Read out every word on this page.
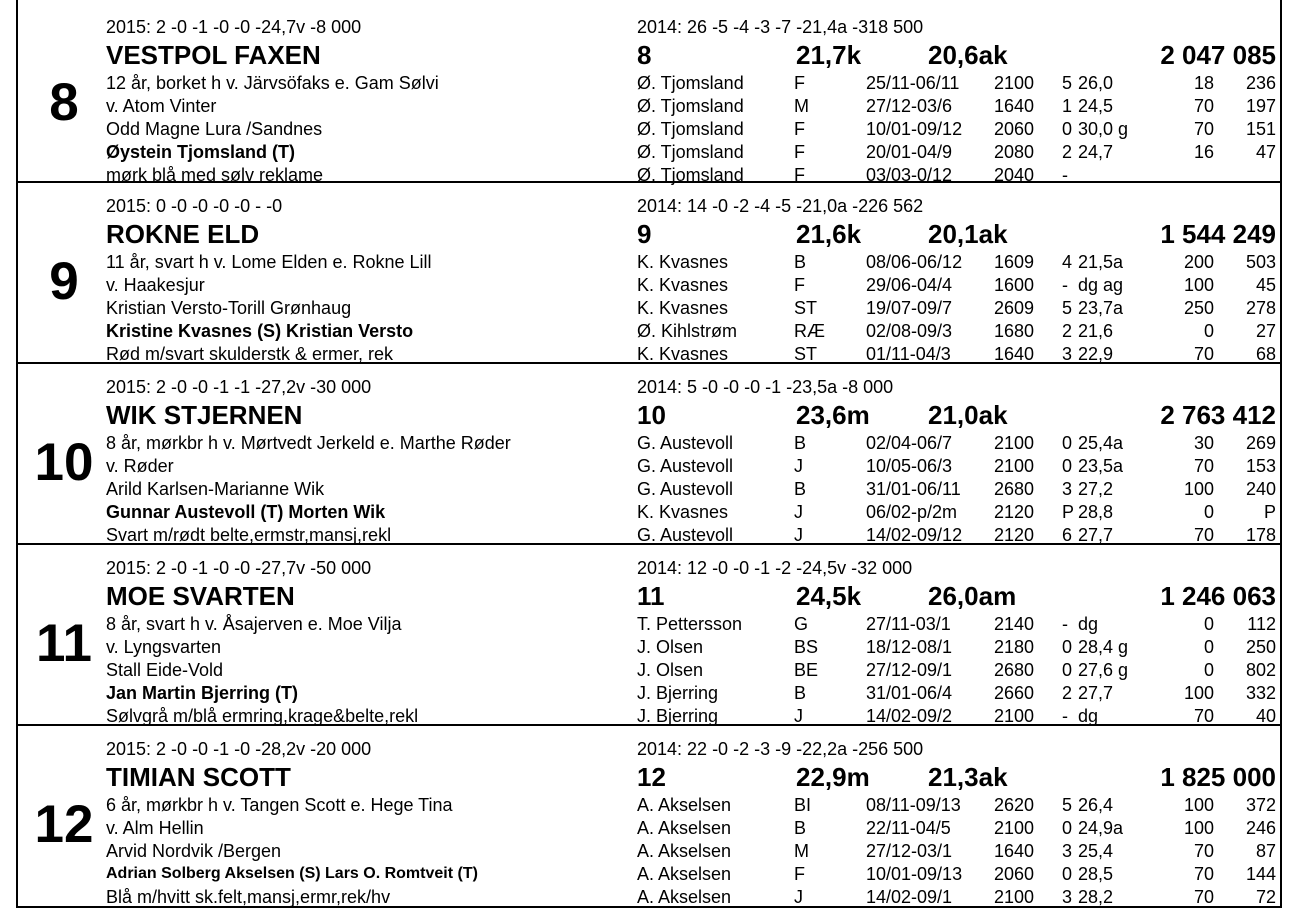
8
2015: 2 -0 -1 -0 -0 -24,7v -8 000	2014: 26 -5 -4 -3 -7 -21,4a -318 500
VESTPOL FAXEN	8	21,7k	20,6ak	2 047 085
12 år, borket h v. Järvsöfaks e. Gam Sølvi
v. Atom Vinter
Odd Magne Lura /Sandnes
Øystein Tjomsland (T)
mørk blå med sølv reklame
Ø. Tjomsland	F	25/11-06/11 2100 5 26,0	18 236
Ø. Tjomsland	M	27/12-03/6 1640 1 24,5	70 197
Ø. Tjomsland	F	10/01-09/12 2060 0 30,0 g	70 151
Ø. Tjomsland	F	20/01-04/9 2080 2 24,7	16 47
Ø. Tjomsland	F	03/03-0/12 2040 -
9
2015: 0 -0 -0 -0 -0 - -0	2014: 14 -0 -2 -4 -5 -21,0a -226 562
ROKNE ELD	9	21,6k	20,1ak	1 544 249
11 år, svart h v. Lome Elden e. Rokne Lill
v. Haakesjur
Kristian Versto-Torill Grønhaug
Kristine Kvasnes (S) Kristian Versto
Rød m/svart skulderstk & ermer, rek
K. Kvasnes	B	08/06-06/12 1609 4 21,5a	200 503
K. Kvasnes	F	29/06-04/4 1600 - dg ag	100 45
K. Kvasnes	ST	19/07-09/7 2609 5 23,7a	250 278
Ø. Kihlstrøm	RÆ 02/08-09/3 1680 2 21,6	0 27
K. Kvasnes	ST	01/11-04/3 1640 3 22,9	70 68
10
2015: 2 -0 -0 -1 -1 -27,2v -30 000	2014: 5 -0 -0 -0 -1 -23,5a -8 000
WIK STJERNEN	10	23,6m 21,0ak	2 763 412
8 år, mørkbr h v. Mørtvedt Jerkeld e. Marthe Røder
v. Røder
Arild Karlsen-Marianne Wik
Gunnar Austevoll (T) Morten Wik
Svart m/rødt belte,ermstr,mansj,rekl
G. Austevoll	B	02/04-06/7 2100 0 25,4a	30 269
G. Austevoll	J	10/05-06/3 2100 0 23,5a	70 153
G. Austevoll	B	31/01-06/11 2680 3 27,2	100 240
K. Kvasnes	J	06/02-p/2m 2120 P 28,8	0	P
G. Austevoll	J	14/02-09/12 2120 6 27,7	70 178
11
2015: 2 -0 -1 -0 -0 -27,7v -50 000	2014: 12 -0 -0 -1 -2 -24,5v -32 000
MOE SVARTEN	11	24,5k	26,0am	1 246 063
8 år, svart h v. Åsajerven e. Moe Vilja
v. Lyngsvarten
Stall Eide-Vold
Jan Martin Bjerring (T)
Sølvgrå m/blå ermring,krage&belte,rekl
T. Pettersson	G	27/11-03/1 2140 - dg	0 112
J. Olsen	BS	18/12-08/1 2180 0 28,4 g	0 250
J. Olsen	BE	27/12-09/1 2680 0 27,6 g	0 802
J. Bjerring	B	31/01-06/4 2660 2 27,7	100 332
J. Bjerring	J	14/02-09/2 2100 - dg	70 40
12
2015: 2 -0 -0 -1 -0 -28,2v -20 000	2014: 22 -0 -2 -3 -9 -22,2a -256 500
TIMIAN SCOTT	12	22,9m 21,3ak	1 825 000
6 år, mørkbr h v. Tangen Scott e. Hege Tina
v. Alm Hellin
Arvid Nordvik /Bergen
Adrian Solberg Akselsen (S) Lars O. Romtveit (T)
Blå m/hvitt sk.felt,mansj,ermr,rek/hv
A. Akselsen	BI	08/11-09/13 2620 5 26,4	100 372
A. Akselsen	B	22/11-04/5 2100 0 24,9a	100 246
A. Akselsen	M	27/12-03/1 1640 3 25,4	70 87
A. Akselsen	F	10/01-09/13 2060 0 28,5	70 144
A. Akselsen	J	14/02-09/1 2100 3 28,2	70 72
